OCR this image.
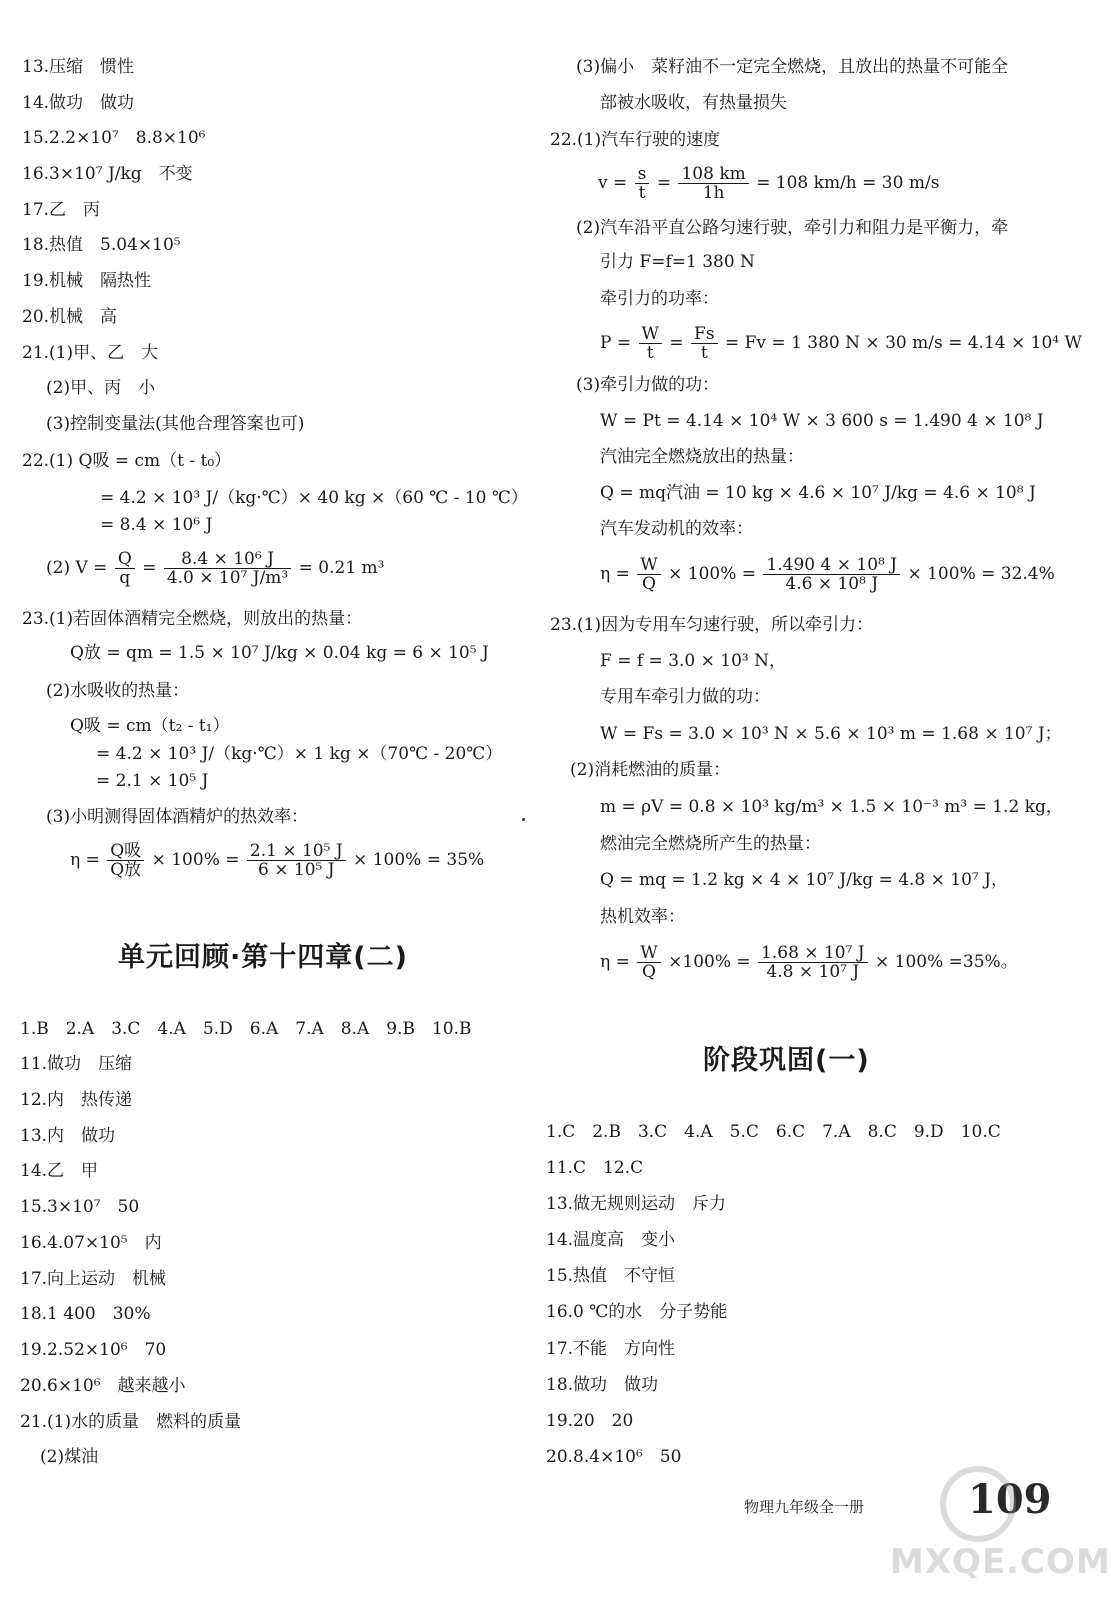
13.压缩　惯性
14.做功　做功
15.2.2×10⁷　8.8×10⁶
16.3×10⁷ J/kg　不变
17.乙　丙
18.热值　5.04×10⁵
19.机械　隔热性
20.机械　高
21.(1)甲、乙　大
(2)甲、丙　小
(3)控制变量法(其他合理答案也可)
22.(1) Q吸 = cm（t - t₀）
= 4.2 × 10³ J/（kg·℃）× 40 kg ×（60 ℃ - 10 ℃）
= 8.4 × 10⁶ J
(2) $V = \frac{Q}{q} = \frac{\text{8.4 × 10⁶ J}}{\text{4.0 × 10⁷ J/m³}} = 0.21$ m³
23.(1)若固体酒精完全燃烧，则放出的热量：
Q放 = qm = 1.5 × 10⁷ J/kg × 0.04 kg = 6 × 10⁵ J
(2)水吸收的热量：
Q吸 = cm（t₂ - t₁）
= 4.2 × 10³ J/（kg·℃）× 1 kg ×（70℃ - 20℃）
= 2.1 × 10⁵ J
(3)小明测得固体酒精炉的热效率：
$\eta = \frac{\text{Q吸}}{\text{Q放}} \times 100\% = \frac{\text{2.1 × 10⁵ J}}{\text{6 × 10⁵ J}} \times 100\% = 35\%$
单元回顾·第十四章(二)
1.B　2.A　3.C　4.A　5.D　6.A　7.A　8.A　9.B　10.B
11.做功　压缩
12.内　热传递
13.内　做功
14.乙　甲
15.3×10⁷　50
16.4.07×10⁵　内
17.向上运动　机械
18.1 400　30%
19.2.52×10⁶　70
20.6×10⁶　越来越小
21.(1)水的质量　燃料的质量
(2)煤油
(3)偏小　菜籽油不一定完全燃烧，且放出的热量不可能全
部被水吸收，有热量损失
22.(1)汽车行驶的速度
$v = \frac{s}{t} = \frac{108 km}{1h} = 108$ km/h = 30 m/s
(2)汽车沿平直公路匀速行驶，牵引力和阻力是平衡力，牵
引力 F=f=1 380 N
牵引力的功率：
$P = \frac{W}{t} = \frac{Fs}{t} = Fv = 1$ 380 N × 30 m/s = 4.14 × 10⁴ W
(3)牵引力做的功：
W = Pt = 4.14 × 10⁴ W × 3 600 s = 1.490 4 × 10⁸ J
汽油完全燃烧放出的热量：
Q = mq汽油 = 10 kg × 4.6 × 10⁷ J/kg = 4.6 × 10⁸ J
汽车发动机的效率：
$\eta = \frac{W}{Q} \times 100\% = \frac{\text{1.490 4 × 10⁸ J}}{\text{4.6 × 10⁸ J}} \times 100\% = 32.4\%$
23.(1)因为专用车匀速行驶，所以牵引力：
F = f = 3.0 × 10³ N，
专用车牵引力做的功：
W = Fs = 3.0 × 10³ N × 5.6 × 10³ m = 1.68 × 10⁷ J；
(2)消耗燃油的质量：
m = ρV = 0.8 × 10³ kg/m³ × 1.5 × 10⁻³ m³ = 1.2 kg，
燃油完全燃烧所产生的热量：
Q = mq = 1.2 kg × 4 × 10⁷ J/kg = 4.8 × 10⁷ J，
热机效率：
$\eta = \frac{W}{Q} \times 100\% = \frac{\text{1.68 × 10⁷ J}}{\text{4.8 × 10⁷ J}} \times 100\% =35\%$。
阶段巩固(一)
1.C　2.B　3.C　4.A　5.C　6.C　7.A　8.C　9.D　10.C
11.C　12.C
13.做无规则运动　斥力
14.温度高　变小
15.热值　不守恒
16.0 ℃的水　分子势能
17.不能　方向性
18.做功　做功
19.20　20
20.8.4×10⁶　50
物理九年级全一册	109
MXQE.COM
